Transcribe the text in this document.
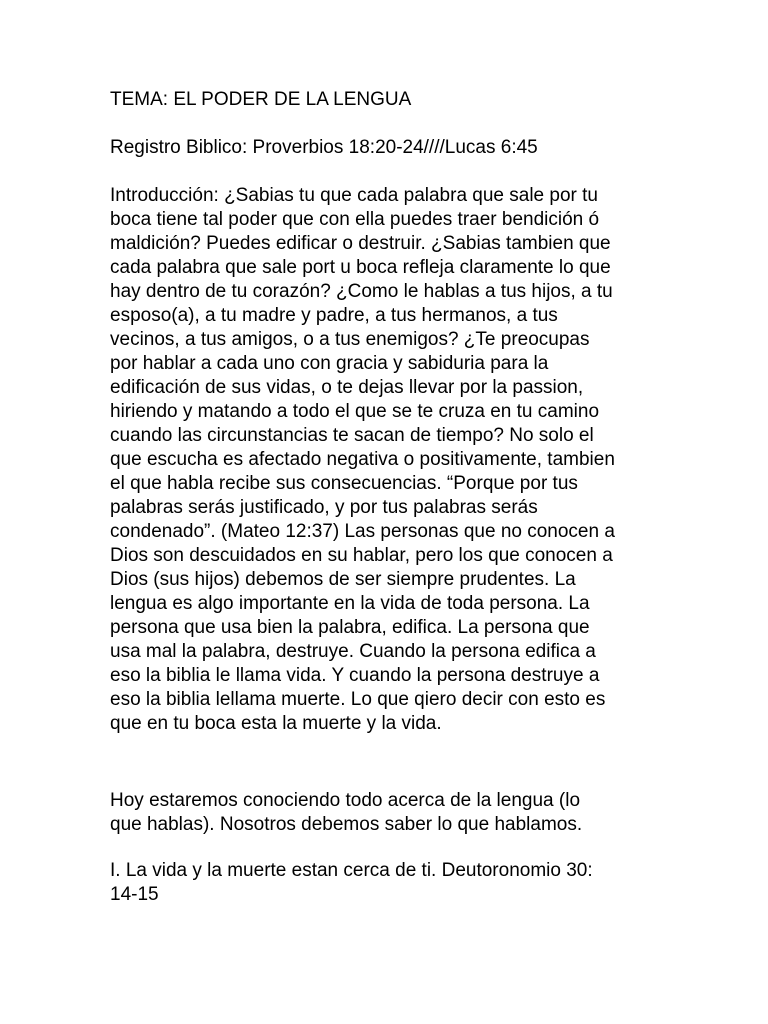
TEMA: EL PODER DE LA LENGUA

Registro Biblico: Proverbios 18:20-24////Lucas 6:45

Introducción: ¿Sabias tu que cada palabra que sale por tu

boca tiene tal poder que con ella puedes traer bendición ó

maldición? Puedes edificar o destruir. ¿Sabias tambien que

cada palabra que sale port u boca refleja claramente lo que

hay dentro de tu corazón? ¿Como le hablas a tus hijos, a tu

esposo(a), a tu madre y padre, a tus hermanos, a tus

vecinos, a tus amigos, o a tus enemigos? ¿Te preocupas

por hablar a cada uno con gracia y sabiduria para la

edificación de sus vidas, o te dejas llevar por la passion,

hiriendo y matando a todo el que se te cruza en tu camino

cuando las circunstancias te sacan de tiempo? No solo el

que escucha es afectado negativa o positivamente, tambien

el que habla recibe sus consecuencias. “Porque por tus

palabras serás justificado, y por tus palabras serás

condenado”. (Mateo 12:37) Las personas que no conocen a

Dios son descuidados en su hablar, pero los que conocen a

Dios (sus hijos) debemos de ser siempre prudentes. La

lengua es algo importante en la vida de toda persona. La

persona que usa bien la palabra, edifica. La persona que

usa mal la palabra, destruye. Cuando la persona edifica a

eso la biblia le llama vida. Y cuando la persona destruye a

eso la biblia lellama muerte. Lo que qiero decir con esto es

que en tu boca esta la muerte y la vida.

Hoy estaremos conociendo todo acerca de la lengua (lo

que hablas). Nosotros debemos saber lo que hablamos.

I. La vida y la muerte estan cerca de ti. Deutoronomio 30:

14-15
